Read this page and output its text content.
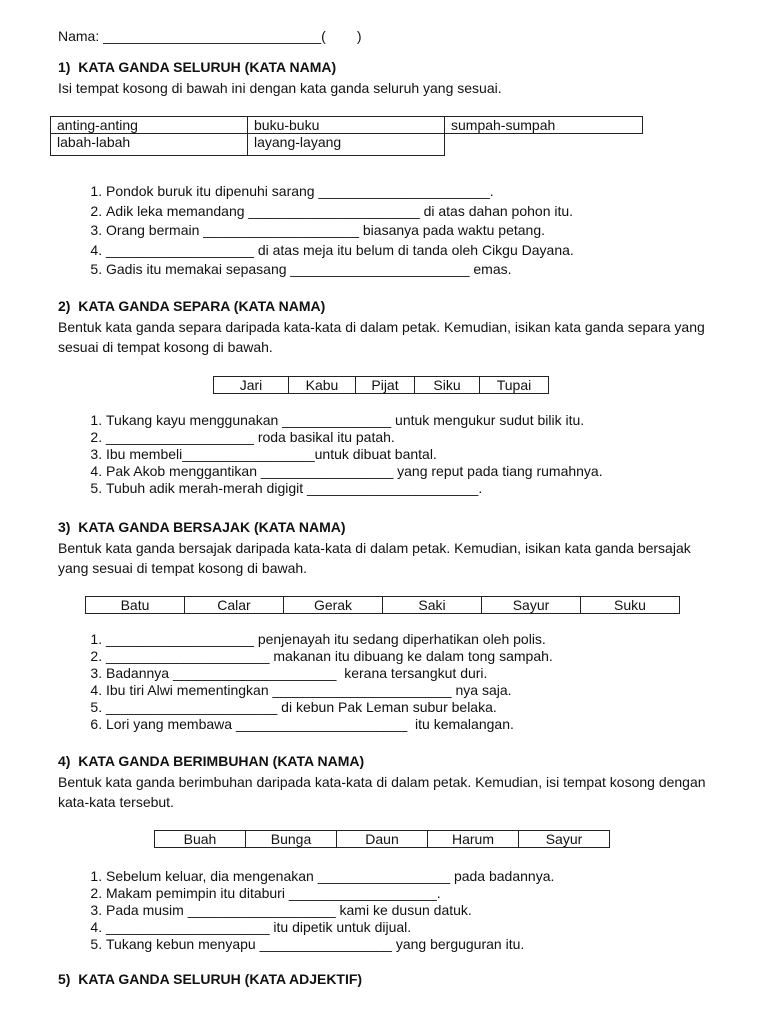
Nama: ____________________________(        )
1)  KATA GANDA SELURUH (KATA NAMA)
Isi tempat kosong di bawah ini dengan kata ganda seluruh yang sesuai.
anting-anting	buku-buku	sumpah-sumpah
labah-labah	layang-layang	
1. Pondok buruk itu dipenuhi sarang ______________________.
2. Adik leka memandang ______________________ di atas dahan pohon itu.
3. Orang bermain ____________________ biasanya pada waktu petang.
4. ___________________ di atas meja itu belum di tanda oleh Cikgu Dayana.
5. Gadis itu memakai sepasang _______________________ emas.
2)  KATA GANDA SEPARA (KATA NAMA)
Bentuk kata ganda separa daripada kata-kata di dalam petak. Kemudian, isikan kata ganda separa yang sesuai di tempat kosong di bawah.
Jari	Kabu	Pijat	Siku	Tupai
1. Tukang kayu menggunakan ______________ untuk mengukur sudut bilik itu.
2. ___________________ roda basikal itu patah.
3. Ibu membeli_________________untuk dibuat bantal.
4. Pak Akob menggantikan _________________ yang reput pada tiang rumahnya.
5. Tubuh adik merah-merah digigit ______________________.
3)  KATA GANDA BERSAJAK (KATA NAMA)
Bentuk kata ganda bersajak daripada kata-kata di dalam petak. Kemudian, isikan kata ganda bersajak yang sesuai di tempat kosong di bawah.
Batu	Calar	Gerak	Saki	Sayur	Suku
1. ___________________ penjenayah itu sedang diperhatikan oleh polis.
2. _____________________ makanan itu dibuang ke dalam tong sampah.
3. Badannya _____________________  kerana tersangkut duri.
4. Ibu tiri Alwi mementingkan _______________________ nya saja.
5. ______________________ di kebun Pak Leman subur belaka.
6. Lori yang membawa ______________________  itu kemalangan.
4)  KATA GANDA BERIMBUHAN (KATA NAMA)
Bentuk kata ganda berimbuhan daripada kata-kata di dalam petak. Kemudian, isi tempat kosong dengan kata-kata tersebut.
Buah	Bunga	Daun	Harum	Sayur
1. Sebelum keluar, dia mengenakan _________________ pada badannya.
2. Makam pemimpin itu ditaburi ___________________.
3. Pada musim ___________________ kami ke dusun datuk.
4. _____________________ itu dipetik untuk dijual.
5. Tukang kebun menyapu _________________ yang berguguran itu.
5)  KATA GANDA SELURUH (KATA ADJEKTIF)
